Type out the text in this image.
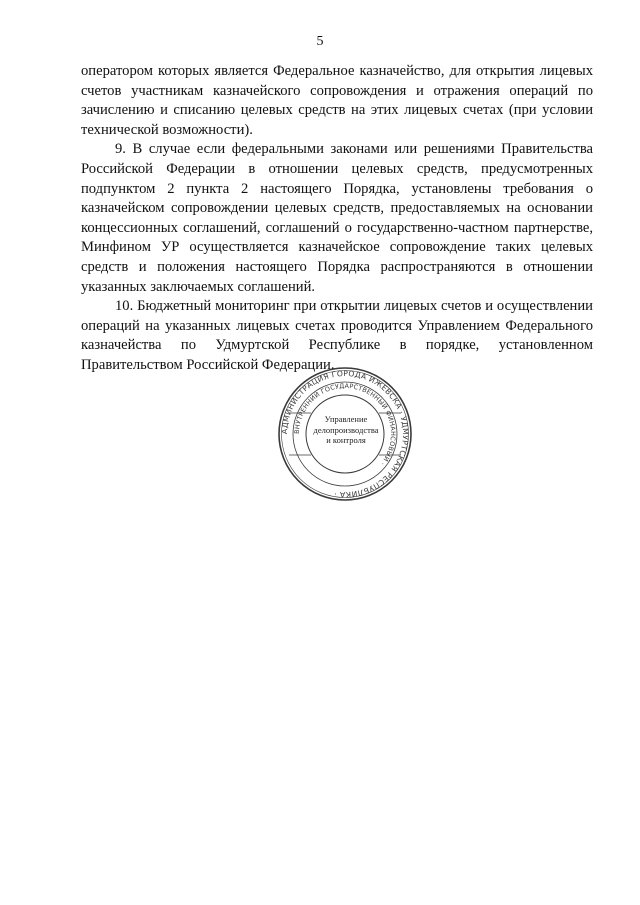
5

оператором которых является Федеральное казначейство, для открытия лицевых счетов участникам казначейского сопровождения и отражения операций по зачислению и списанию целевых средств на этих лицевых счетах (при условии технической возможности).

9. В случае если федеральными законами или решениями Правительства Российской Федерации в отношении целевых средств, предусмотренных подпунктом 2 пункта 2 настоящего Порядка, установлены требования о казначейском сопровождении целевых средств, предоставляемых на основании концессионных соглашений, соглашений о государственно-частном партнерстве, Минфином УР осуществляется казначейское сопровождение таких целевых средств и положения настоящего Порядка распространяются в отношении указанных заключаемых соглашений.

10. Бюджетный мониторинг при открытии лицевых счетов и осуществлении операций на указанных лицевых счетах проводится Управлением Федерального казначейства по Удмуртской Республике в порядке, установленном Правительством Российской Федерации.

АДМИНИСТРАЦИЯ ГОРОДА ИЖЕВСКА · УДМУРТСКАЯ РЕСПУБЛИКА ·
ВНУТРЕННИЙ ГОСУДАРСТВЕННЫЙ ФИНАНСОВЫЙ ·
Управление
делопроизводства
и контроля
